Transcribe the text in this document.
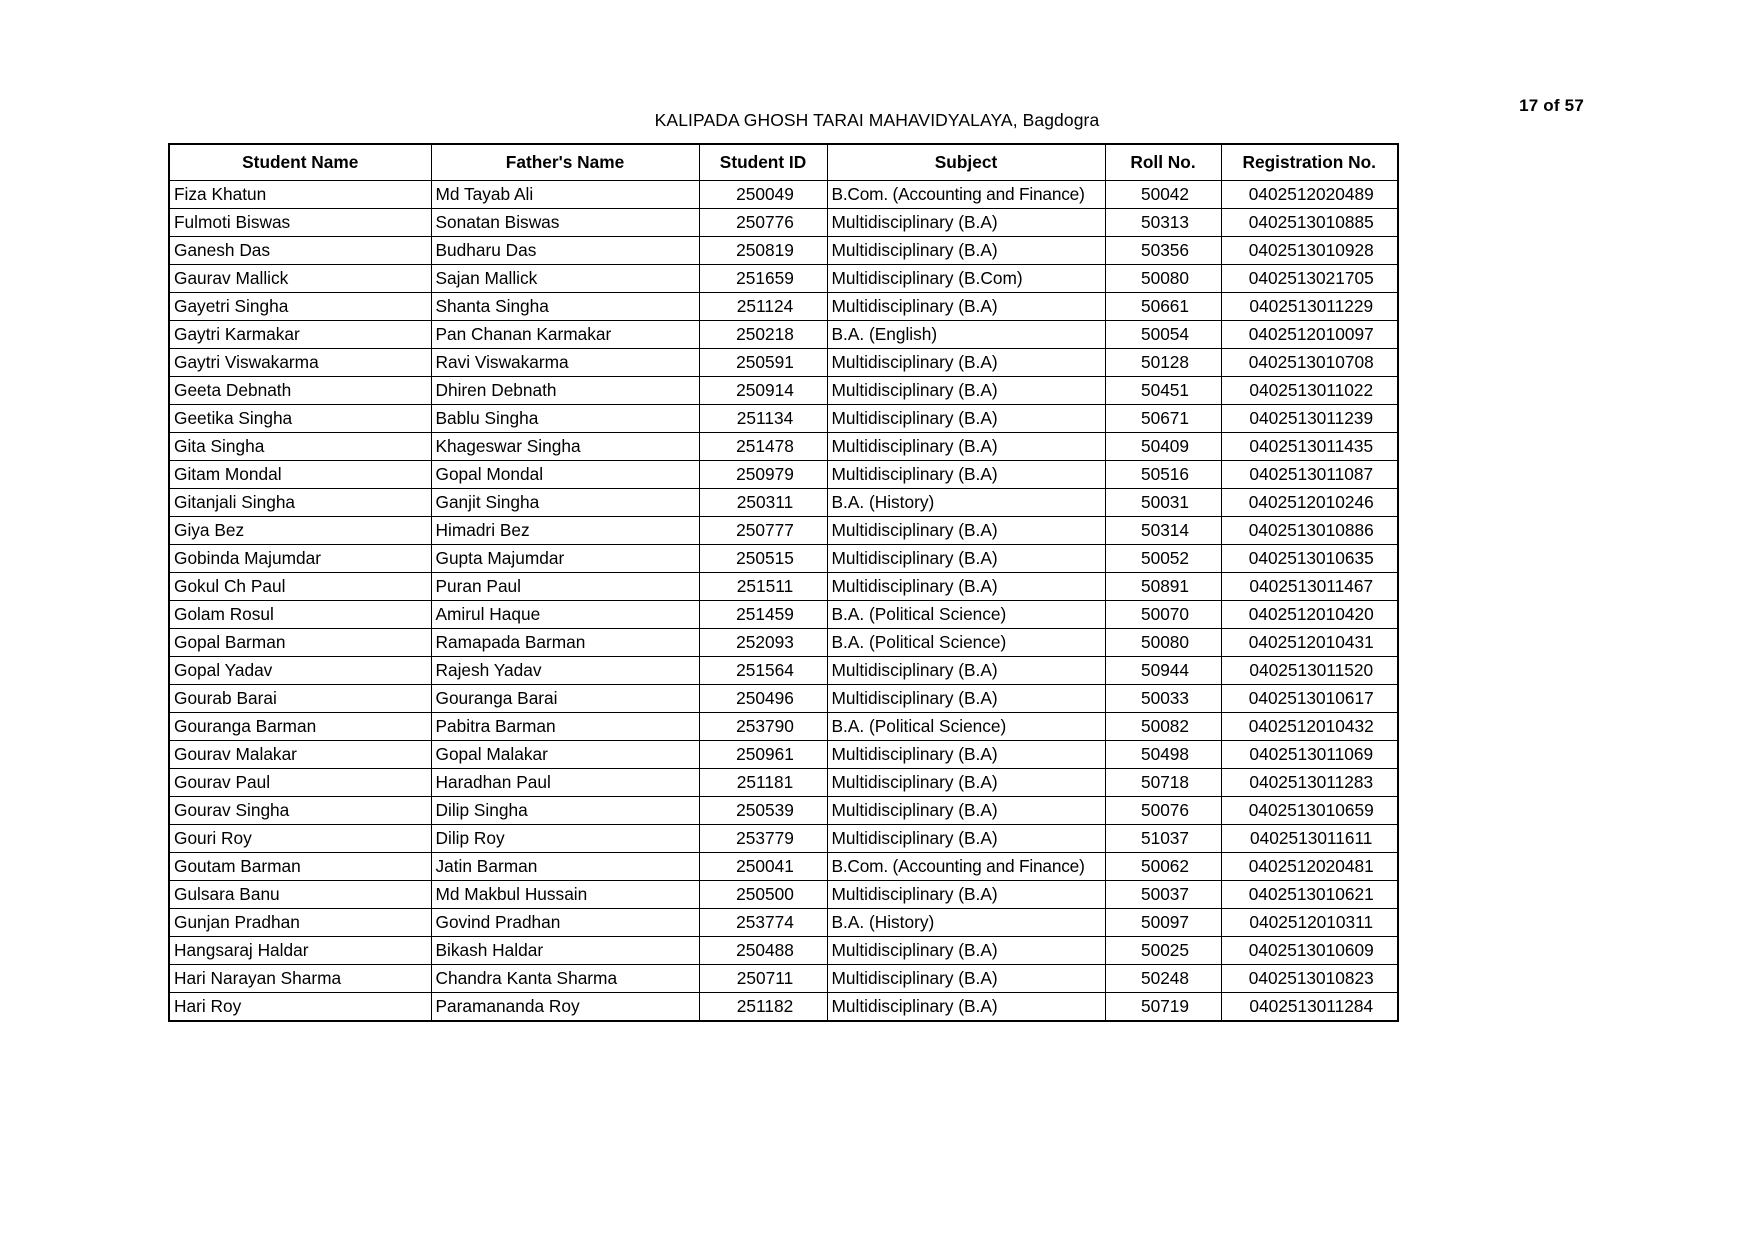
17 of 57
KALIPADA GHOSH TARAI MAHAVIDYALAYA, Bagdogra
Student Name	Father's Name	Student ID	Subject	Roll No.	Registration No.
Fiza Khatun	Md Tayab Ali	250049	B.Com. (Accounting and Finance)	50042	0402512020489
Fulmoti Biswas	Sonatan Biswas	250776	Multidisciplinary (B.A)	50313	0402513010885
Ganesh Das	Budharu Das	250819	Multidisciplinary (B.A)	50356	0402513010928
Gaurav Mallick	Sajan Mallick	251659	Multidisciplinary (B.Com)	50080	0402513021705
Gayetri Singha	Shanta Singha	251124	Multidisciplinary (B.A)	50661	0402513011229
Gaytri Karmakar	Pan Chanan Karmakar	250218	B.A. (English)	50054	0402512010097
Gaytri Viswakarma	Ravi Viswakarma	250591	Multidisciplinary (B.A)	50128	0402513010708
Geeta Debnath	Dhiren Debnath	250914	Multidisciplinary (B.A)	50451	0402513011022
Geetika Singha	Bablu Singha	251134	Multidisciplinary (B.A)	50671	0402513011239
Gita Singha	Khageswar Singha	251478	Multidisciplinary (B.A)	50409	0402513011435
Gitam Mondal	Gopal Mondal	250979	Multidisciplinary (B.A)	50516	0402513011087
Gitanjali Singha	Ganjit Singha	250311	B.A. (History)	50031	0402512010246
Giya Bez	Himadri Bez	250777	Multidisciplinary (B.A)	50314	0402513010886
Gobinda Majumdar	Gupta Majumdar	250515	Multidisciplinary (B.A)	50052	0402513010635
Gokul Ch Paul	Puran Paul	251511	Multidisciplinary (B.A)	50891	0402513011467
Golam Rosul	Amirul Haque	251459	B.A. (Political Science)	50070	0402512010420
Gopal Barman	Ramapada Barman	252093	B.A. (Political Science)	50080	0402512010431
Gopal Yadav	Rajesh Yadav	251564	Multidisciplinary (B.A)	50944	0402513011520
Gourab Barai	Gouranga Barai	250496	Multidisciplinary (B.A)	50033	0402513010617
Gouranga Barman	Pabitra Barman	253790	B.A. (Political Science)	50082	0402512010432
Gourav Malakar	Gopal Malakar	250961	Multidisciplinary (B.A)	50498	0402513011069
Gourav Paul	Haradhan Paul	251181	Multidisciplinary (B.A)	50718	0402513011283
Gourav Singha	Dilip Singha	250539	Multidisciplinary (B.A)	50076	0402513010659
Gouri Roy	Dilip Roy	253779	Multidisciplinary (B.A)	51037	0402513011611
Goutam Barman	Jatin Barman	250041	B.Com. (Accounting and Finance)	50062	0402512020481
Gulsara Banu	Md Makbul Hussain	250500	Multidisciplinary (B.A)	50037	0402513010621
Gunjan Pradhan	Govind Pradhan	253774	B.A. (History)	50097	0402512010311
Hangsaraj Haldar	Bikash Haldar	250488	Multidisciplinary (B.A)	50025	0402513010609
Hari Narayan Sharma	Chandra Kanta Sharma	250711	Multidisciplinary (B.A)	50248	0402513010823
Hari Roy	Paramananda Roy	251182	Multidisciplinary (B.A)	50719	0402513011284
